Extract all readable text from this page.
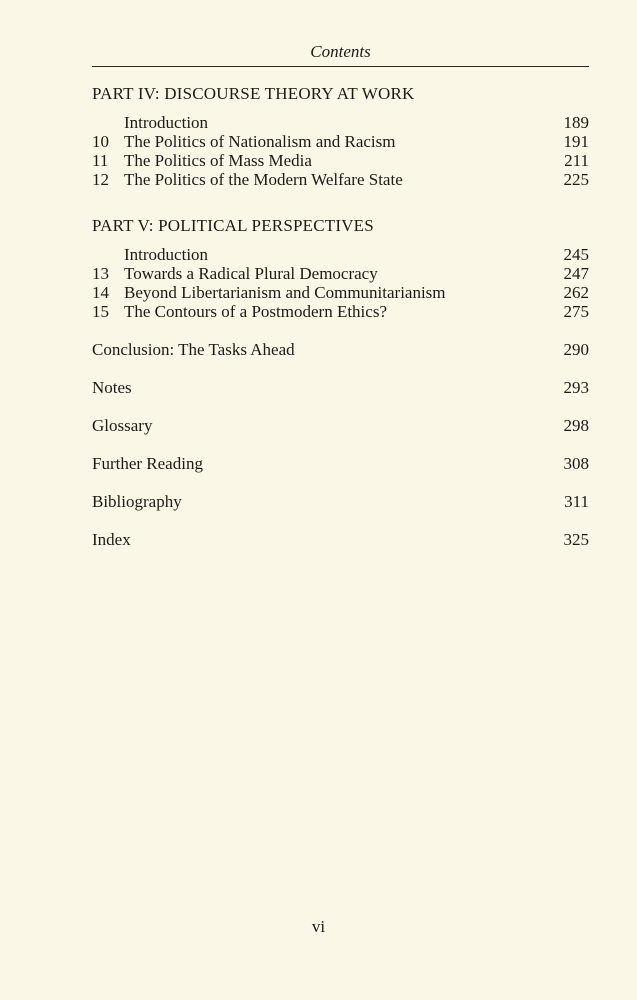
Contents
PART IV: DISCOURSE THEORY AT WORK
Introduction	189
10 The Politics of Nationalism and Racism	191
11 The Politics of Mass Media	211
12 The Politics of the Modern Welfare State	225
PART V: POLITICAL PERSPECTIVES
Introduction	245
13 Towards a Radical Plural Democracy	247
14 Beyond Libertarianism and Communitarianism	262
15 The Contours of a Postmodern Ethics?	275
Conclusion: The Tasks Ahead	290
Notes	293
Glossary	298
Further Reading	308
Bibliography	311
Index	325
vi
